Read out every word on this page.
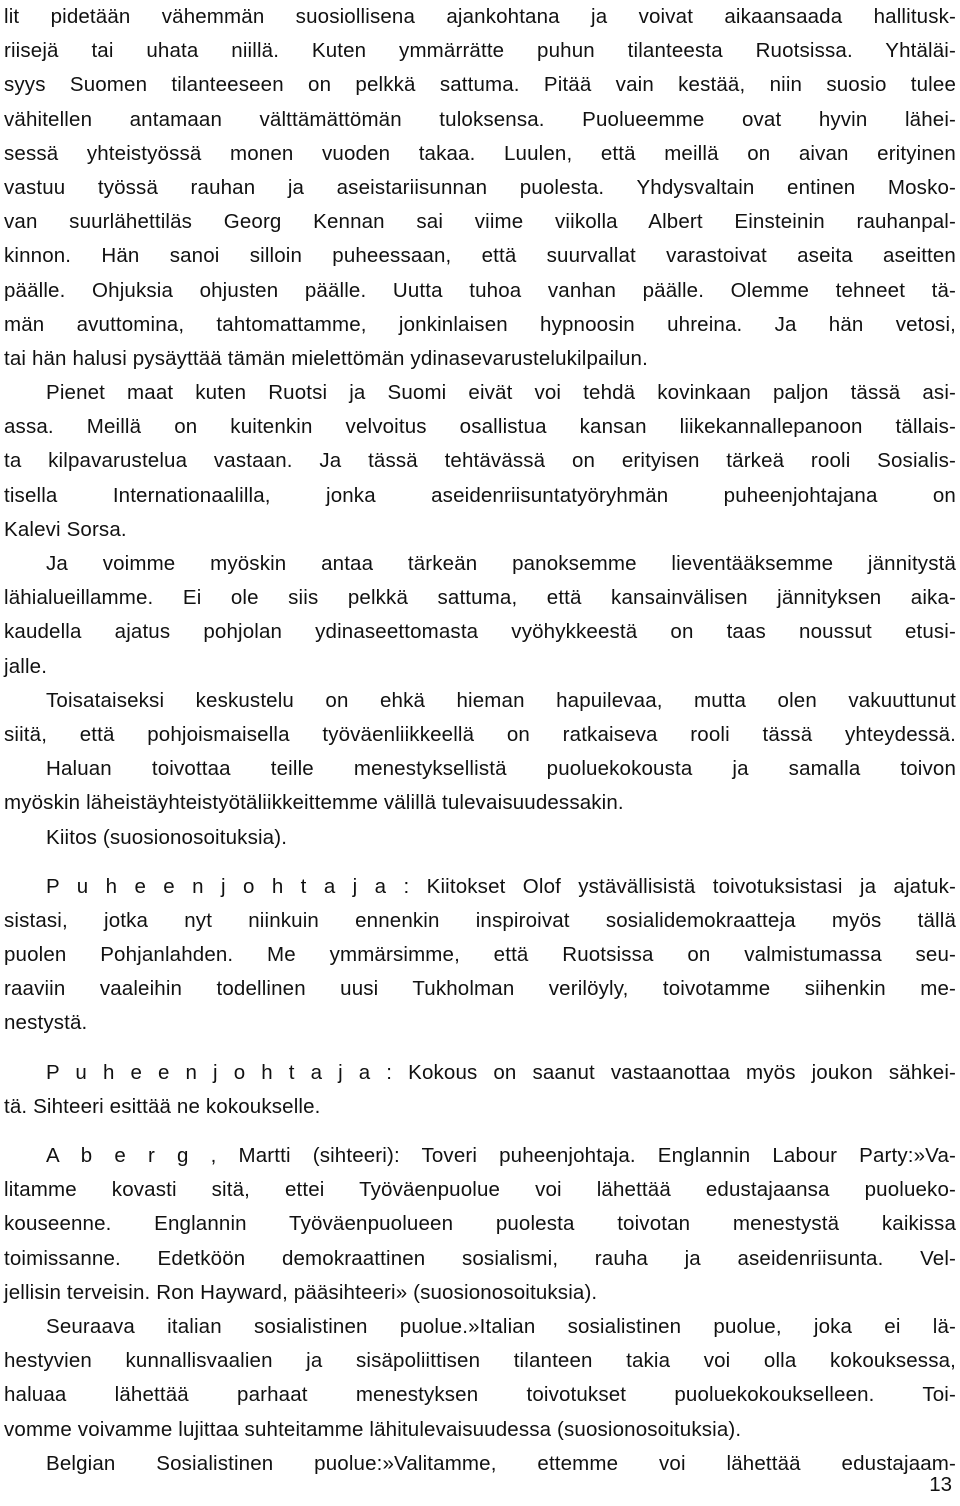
lit pidetään vähemmän suosiollisena ajankohtana ja voivat aikaansaada hallitusk-
riisejä tai uhata niillä. Kuten ymmärrätte puhun tilanteesta Ruotsissa. Yhtäläi-
syys Suomen tilanteeseen on pelkkä sattuma. Pitää vain kestää, niin suosio tulee
vähitellen antamaan välttämättömän tuloksensa. Puolueemme ovat hyvin lähei-
sessä yhteistyössä monen vuoden takaa. Luulen, että meillä on aivan erityinen
vastuu työssä rauhan ja aseistariisunnan puolesta. Yhdysvaltain entinen Mosko-
van suurlähettiläs Georg Kennan sai viime viikolla Albert Einsteinin rauhanpal-
kinnon. Hän sanoi silloin puheessaan, että suurvallat varastoivat aseita aseitten
päälle. Ohjuksia ohjusten päälle. Uutta tuhoa vanhan päälle. Olemme tehneet tä-
män avuttomina, tahtomattamme, jonkinlaisen hypnoosin uhreina. Ja hän vetosi,
tai hän halusi pysäyttää tämän mielettömän ydinasevarustelukilpailun.
Pienet maat kuten Ruotsi ja Suomi eivät voi tehdä kovinkaan paljon tässä asi-
assa. Meillä on kuitenkin velvoitus osallistua kansan liikekannallepanoon tällais-
ta kilpavarustelua vastaan. Ja tässä tehtävässä on erityisen tärkeä rooli Sosialis-
tisella Internationaalilla, jonka aseidenriisuntatyöryhmän puheenjohtajana on
Kalevi Sorsa.
Ja voimme myöskin antaa tärkeän panoksemme lieventääksemme jännitystä
lähialueillamme. Ei ole siis pelkkä sattuma, että kansainvälisen jännityksen aika-
kaudella ajatus pohjolan ydinaseettomasta vyöhykkeestä on taas noussut etusi-
jalle.
Toisataiseksi keskustelu on ehkä hieman hapuilevaa, mutta olen vakuuttunut
siitä, että pohjoismaisella työväenliikkeellä on ratkaiseva rooli tässä yhteydessä.
Haluan toivottaa teille menestyksellistä puoluekokousta ja samalla toivon
myöskin läheistäyhteistyötäliikkeittemme välillä tulevaisuudessakin.
Kiitos (suosionosoituksia).
P u h e e n j o h t a j a : Kiitokset Olof ystävällisistä toivotuksistasi ja ajatuk-
sistasi, jotka nyt niinkuin ennenkin inspiroivat sosialidemokraatteja myös tällä
puolen Pohjanlahden. Me ymmärsimme, että Ruotsissa on valmistumassa seu-
raaviin vaaleihin todellinen uusi Tukholman verilöyly, toivotamme siihenkin me-
nestystä.
P u h e e n j o h t a j a : Kokous on saanut vastaanottaa myös joukon sähkei-
tä. Sihteeri esittää ne kokoukselle.
A b e r g , Martti (sihteeri): Toveri puheenjohtaja. Englannin Labour Party:»Va-
litamme kovasti sitä, ettei Työväenpuolue voi lähettää edustajaansa puolueko-
kouseenne. Englannin Työväenpuolueen puolesta toivotan menestystä kaikissa
toimissanne. Edetköön demokraattinen sosialismi, rauha ja aseidenriisunta. Vel-
jellisin terveisin. Ron Hayward, pääsihteeri» (suosionosoituksia).
Seuraava italian sosialistinen puolue.»Italian sosialistinen puolue, joka ei lä-
hestyvien kunnallisvaalien ja sisäpoliittisen tilanteen takia voi olla kokouksessa,
haluaa lähettää parhaat menestyksen toivotukset puoluekokoukselleen. Toi-
vomme voivamme lujittaa suhteitamme lähitulevaisuudessa (suosionosoituksia).
Belgian Sosialistinen puolue:»Valitamme, ettemme voi lähettää edustajaam-
13
